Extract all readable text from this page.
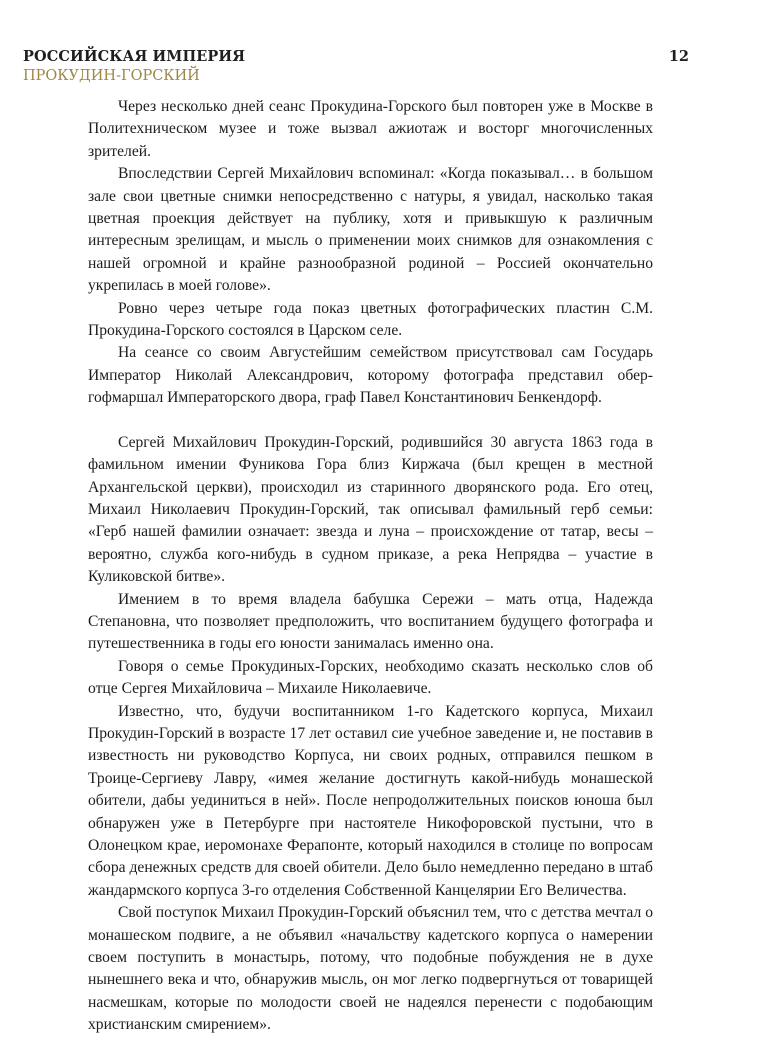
РОССИЙСКАЯ ИМПЕРИЯ
ПРОКУДИН-ГОРСКИЙ
12

Через несколько дней сеанс Прокудина-Горского был повторен уже в Москве в Политехническом музее и тоже вызвал ажиотаж и восторг многочисленных зрителей.

Впоследствии Сергей Михайлович вспоминал: «Когда показывал… в большом зале свои цветные снимки непосредственно с натуры, я увидал, насколько такая цветная проекция действует на публику, хотя и привыкшую к различным интересным зрелищам, и мысль о применении моих снимков для ознакомления с нашей огромной и крайне разнообразной родиной – Россией окончательно укрепилась в моей голове».

Ровно через четыре года показ цветных фотографических пластин С.М. Прокудина-Горского состоялся в Царском селе.

На сеансе со своим Августейшим семейством присутствовал сам Государь Император Николай Александрович, которому фотографа представил обер-гофмаршал Императорского двора, граф Павел Константинович Бенкендорф.

Сергей Михайлович Прокудин-Горский, родившийся 30 августа 1863 года в фамильном имении Фуникова Гора близ Киржача (был крещен в местной Архангельской церкви), происходил из старинного дворянского рода. Его отец, Михаил Николаевич Прокудин-Горский, так описывал фамильный герб семьи: «Герб нашей фамилии означает: звезда и луна – происхождение от татар, весы – вероятно, служба кого-нибудь в судном приказе, а река Непрядва – участие в Куликовской битве».

Имением в то время владела бабушка Сережи – мать отца, Надежда Степановна, что позволяет предположить, что воспитанием будущего фотографа и путешественника в годы его юности занималась именно она.

Говоря о семье Прокудиных-Горских, необходимо сказать несколько слов об отце Сергея Михайловича – Михаиле Николаевиче.

Известно, что, будучи воспитанником 1-го Кадетского корпуса, Михаил Прокудин-Горский в возрасте 17 лет оставил сие учебное заведение и, не поставив в известность ни руководство Корпуса, ни своих родных, отправился пешком в Троице-Сергиеву Лавру, «имея желание достигнуть какой-нибудь монашеской обители, дабы уединиться в ней». После непродолжительных поисков юноша был обнаружен уже в Петербурге при настоятеле Никофоровской пустыни, что в Олонецком крае, иеромонахе Ферапонте, который находился в столице по вопросам сбора денежных средств для своей обители. Дело было немедленно передано в штаб жандармского корпуса 3-го отделения Собственной Канцелярии Его Величества.

Свой поступок Михаил Прокудин-Горский объяснил тем, что с детства мечтал о монашеском подвиге, а не объявил «начальству кадетского корпуса о намерении своем поступить в монастырь, потому, что подобные побуждения не в духе нынешнего века и что, обнаружив мысль, он мог легко подвергнуться от товарищей насмешкам, которые по молодости своей не надеялся перенести с подобающим христианским смирением».
